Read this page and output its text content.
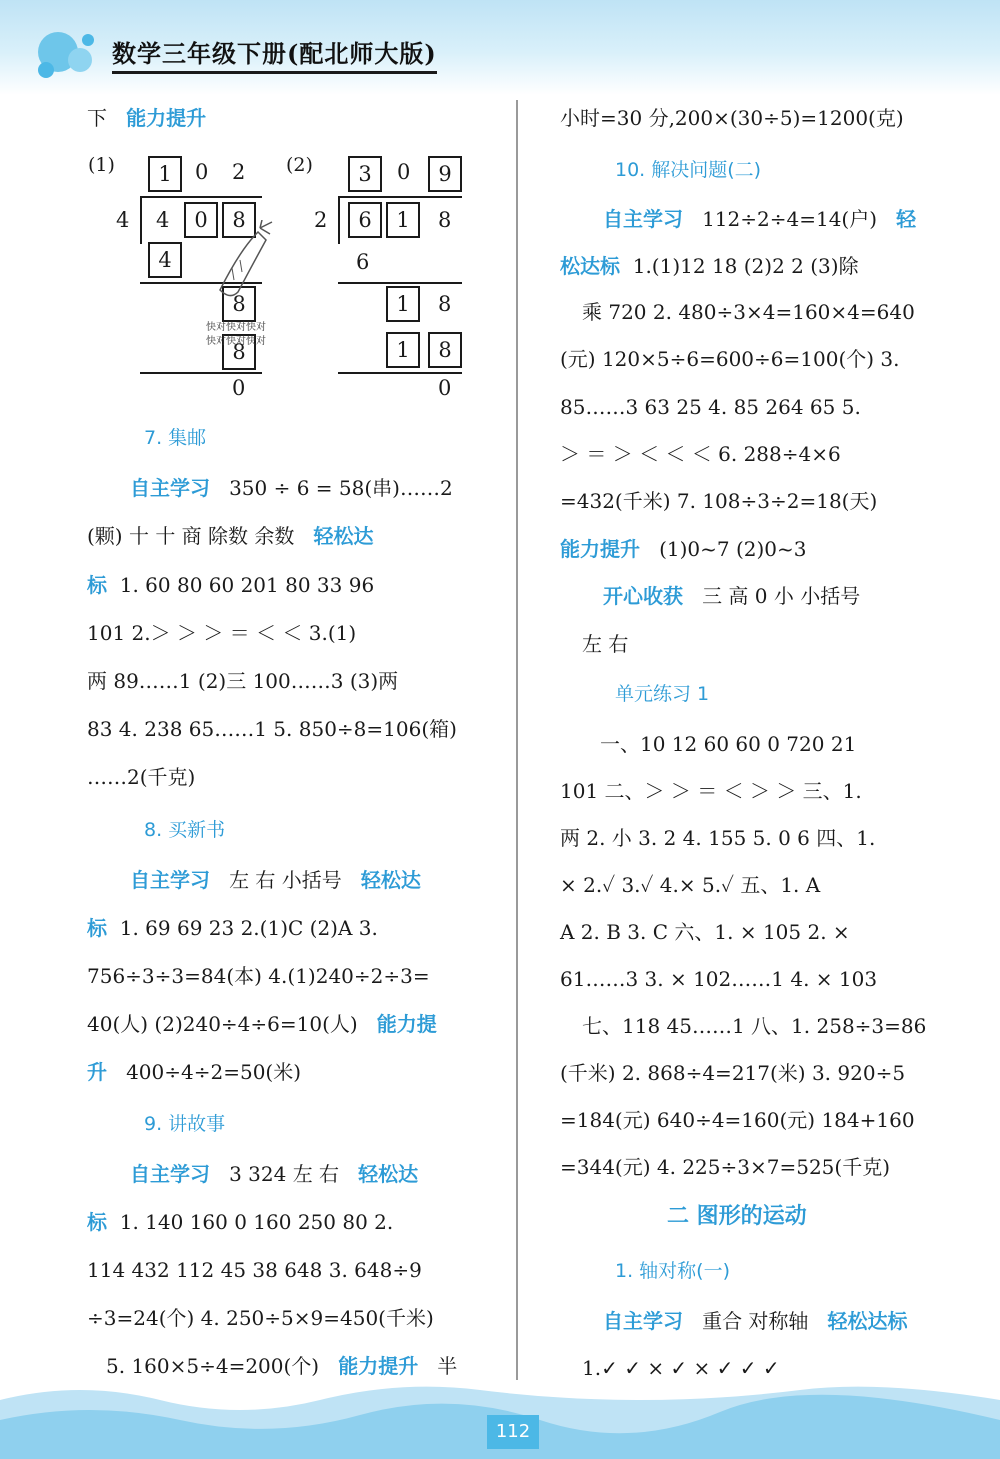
数学三年级下册(配北师大版)
下 能力提升
(1)	1	0 2
4 4	0	8
4
8
8
0
快对快对快对
快对快对快对
(2)	3	0	9
2	6	1	8
6
1	8
1	8
0
7. 集邮
自主学习 350 ÷ 6 = 58(串)……2
(颗) 十 十 商 除数 余数 轻松达
标 1. 60 80 60 201 80 33 96
101 2.＞ ＞ ＞ ＝ ＜ ＜ 3.(1)
两 89……1 (2)三 100……3 (3)两
83 4. 238 65……1 5. 850÷8=106(箱)
……2(千克)
8. 买新书
自主学习 左 右 小括号 轻松达
标 1. 69 69 23 2.(1)C (2)A 3.
756÷3÷3=84(本) 4.(1)240÷2÷3=
40(人) (2)240÷4÷6=10(人) 能力提
升 400÷4÷2=50(米)
9. 讲故事
自主学习 3 324 左 右 轻松达
标 1. 140 160 0 160 250 80 2.
114 432 112 45 38 648 3. 648÷9
÷3=24(个) 4. 250÷5×9=450(千米)
5. 160×5÷4=200(个) 能力提升 半
小时=30 分,200×(30÷5)=1200(克)
10. 解决问题(二)
自主学习 112÷2÷4=14(户) 轻
松达标 1.(1)12 18 (2)2 2 (3)除
乘 720 2. 480÷3×4=160×4=640
(元) 120×5÷6=600÷6=100(个) 3.
85……3 63 25 4. 85 264 65 5.
＞ ＝ ＞ ＜ ＜ ＜ 6. 288÷4×6
=432(千米) 7. 108÷3÷2=18(天)
能力提升 (1)0~7 (2)0~3
开心收获 三 高 0 小 小括号
左 右
单元练习 1
一、10 12 60 60 0 720 21
101 二、＞ ＞ ＝ ＜ ＞ ＞ 三、1.
两 2. 小 3. 2 4. 155 5. 0 6 四、1.
× 2.✓ 3.✓ 4.× 5.✓ 五、1. A
A 2. B 3. C 六、1. × 105 2. ×
61……3 3. × 102……1 4. × 103
七、118 45……1 八、1. 258÷3=86
(千米) 2. 868÷4=217(米) 3. 920÷5
=184(元) 640÷4=160(元) 184+160
=344(元) 4. 225÷3×7=525(千克)
二 图形的运动
1. 轴对称(一)
自主学习 重合 对称轴 轻松达标
1.✓ ✓ × ✓ × ✓ ✓ ✓
112
